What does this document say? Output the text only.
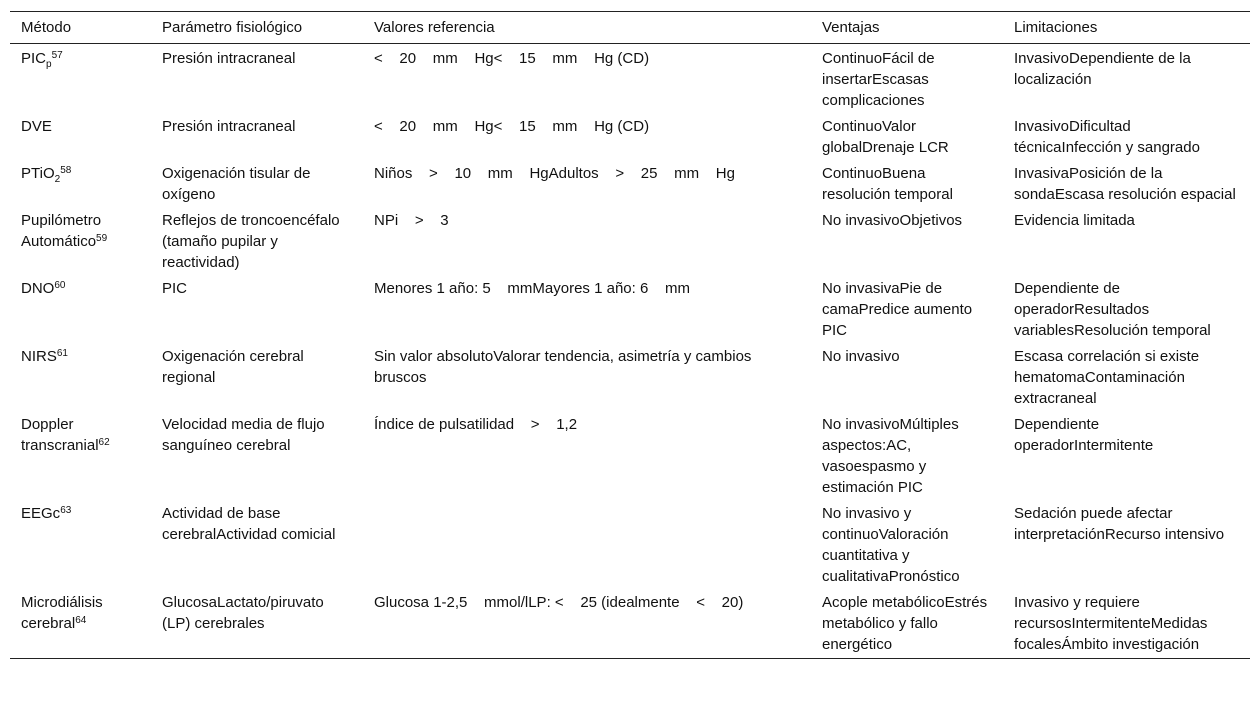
Método	Parámetro fisiológico	Valores referencia	Ventajas	Limitaciones
$PIC_p^{57}$	Presión intracraneal	<    20    mm    Hg<    15    mm    Hg (CD)	ContinuoFácil de insertarEscasas complicaciones	InvasivoDependiente de la localización
DVE	Presión intracraneal	<    20    mm    Hg<    15    mm    Hg (CD)	ContinuoValor globalDrenaje LCR	InvasivoDificultad técnicaInfección y sangrado
PTiO$_2^{58}$	Oxigenación tisular de oxígeno	Niños    >    10    mm    HgAdultos    >    25    mm    Hg	ContinuoBuena resolución temporal	InvasivaPosición de la sondaEscasa resolución espacial
Pupilómetro Automático$^{59}$	Reflejos de troncoencéfalo (tamaño pupilar y reactividad)	NPi    >    3	No invasivoObjetivos	Evidencia limitada
DNO$^{60}$	PIC	Menores 1 año: 5    mmMayores 1 año: 6    mm	No invasivaPie de camaPredice aumento PIC	Dependiente de operadorResultados variablesResolución temporal
NIRS$^{61}$	Oxigenación cerebral regional	Sin valor absolutoValorar tendencia, asimetría y cambios bruscos	No invasivo	Escasa correlación si existe hematomaContaminación extracraneal
Doppler transcranial$^{62}$	Velocidad media de flujo sanguíneo cerebral	Índice de pulsatilidad    >    1,2	No invasivoMúltiples aspectos:AC, vasoespasmo y estimación PIC	Dependiente operadorIntermitente
EEGc$^{63}$	Actividad de base cerebralActividad comicial		No invasivo y continuoValoración cuantitativa y cualitativaPronóstico	Sedación puede afectar interpretaciónRecurso intensivo
Microdiálisis cerebral$^{64}$	GlucosaLactato/piruvato (LP) cerebrales	Glucosa 1-2,5    mmol/lLP: <    25 (idealmente    <    20)	Acople metabólicoEstrés metabólico y fallo energético	Invasivo y requiere recursosIntermitenteMedidas focalesÁmbito investigación
